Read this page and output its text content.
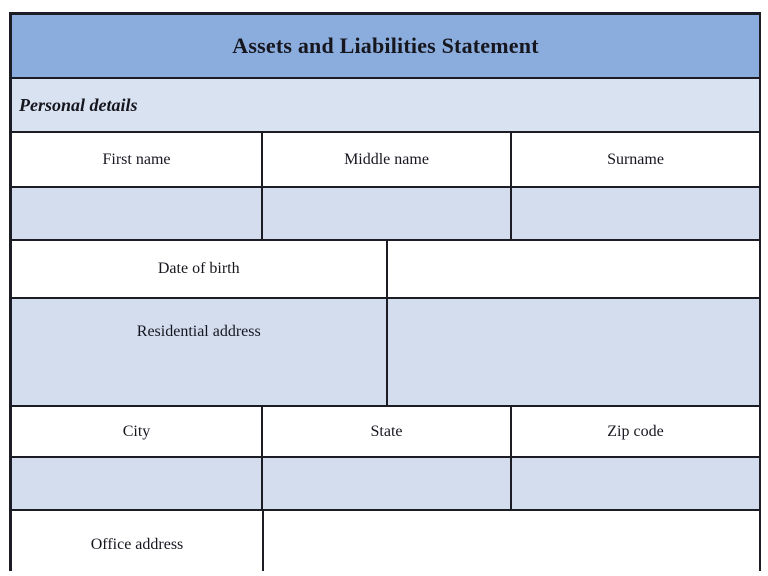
Assets and Liabilities Statement
Personal details
First name	Middle name	Surname
Date of birth
Residential address
City	State	Zip code
Office address
